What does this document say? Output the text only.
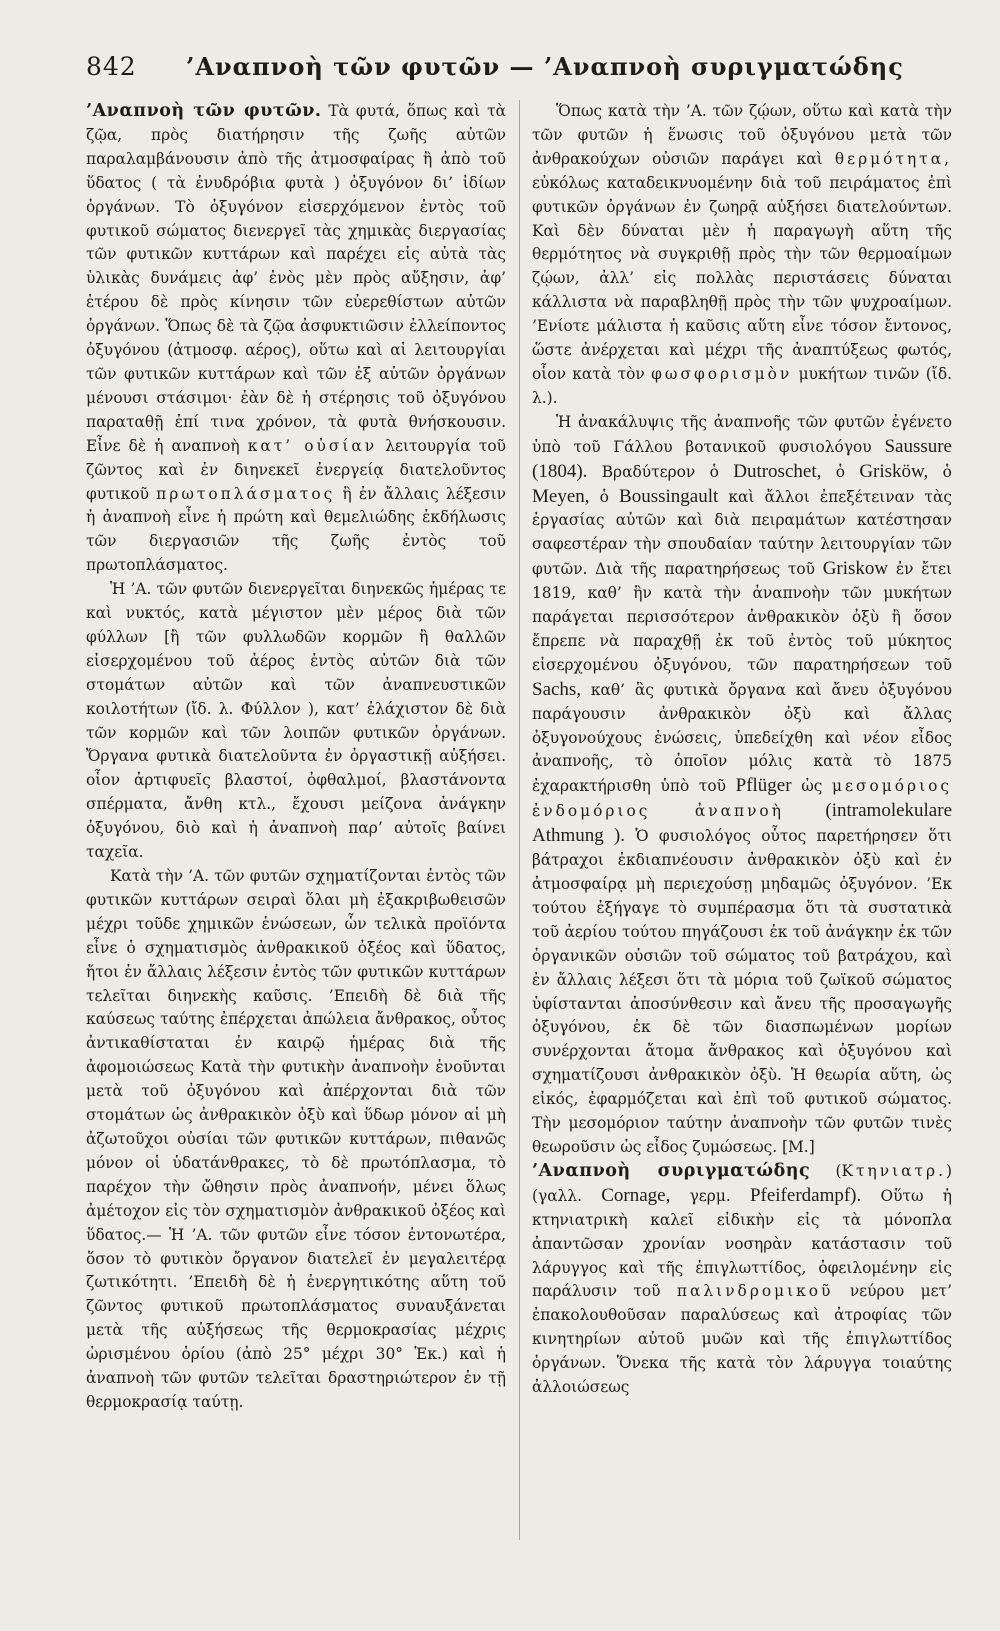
842 ’Αναπνοὴ τῶν φυτῶν — ’Αναπνοὴ συριγματώδης

’Αναπνοὴ τῶν φυτῶν. Τὰ φυτά, ὅπως καὶ τὰ ζῷα, πρὸς διατήρησιν τῆς ζωῆς αὐτῶν παραλαμβάνουσιν ἀπὸ τῆς ἀτμοσφαίρας ἢ ἀπὸ τοῦ ὕδατος ( τὰ ἐνυδρόβια φυτὰ ) ὀξυγόνον δι’ ἰδίων ὀργάνων. Τὸ ὀξυγόνον εἰσερχόμενον ἐντὸς τοῦ φυτικοῦ σώματος διενεργεῖ τὰς χημικὰς διεργασίας τῶν φυτικῶν κυττάρων καὶ παρέχει εἰς αὐτὰ τὰς ὑλικὰς δυνάμεις ἀφ’ ἑνὸς μὲν πρὸς αὔξησιν, ἀφ’ ἑτέρου δὲ πρὸς κίνησιν τῶν εὐερεθίστων αὐτῶν ὀργάνων. Ὅπως δὲ τὰ ζῷα ἀσφυκτιῶσιν ἐλλείποντος ὀξυγόνου (ἀτμοσφ. αέρος), οὕτω καὶ αἱ λειτουργίαι τῶν φυτικῶν κυττάρων καὶ τῶν ἐξ αὐτῶν ὀργάνων μένουσι στάσιμοι· ἐὰν δὲ ἡ στέρησις τοῦ ὀξυγόνου παραταθῇ ἐπί τινα χρόνον, τὰ φυτὰ θνήσκουσιν. Εἶνε δὲ ἡ αναπνοὴ κατ’ οὐσίαν λειτουργία τοῦ ζῶντος καὶ ἐν διηνεκεῖ ἐνεργείᾳ διατελοῦντος φυτικοῦ πρωτοπλάσματος ἢ ἐν ἄλλαις λέξεσιν ἡ ἀναπνοὴ εἶνε ἡ πρώτη καὶ θεμελιώδης ἐκδήλωσις τῶν διεργασιῶν τῆς ζωῆς ἐντὸς τοῦ πρωτοπλάσματος.

Ἡ ’Α. τῶν φυτῶν διενεργεῖται διηνεκῶς ἡμέρας τε καὶ νυκτός, κατὰ μέγιστον μὲν μέρος διὰ τῶν φύλλων [ἢ τῶν φυλλωδῶν κορμῶν ἢ θαλλῶν εἰσερχομένου τοῦ ἀέρος ἐντὸς αὐτῶν διὰ τῶν στομάτων αὐτῶν καὶ τῶν ἀναπνευστικῶν κοιλοτήτων (ἴδ. λ. Φύλλον ), κατ’ ἐλάχιστον δὲ διὰ τῶν κορμῶν καὶ τῶν λοιπῶν φυτικῶν ὀργάνων. Ὄργανα φυτικὰ διατελοῦντα ἐν ὀργαστικῇ αὐξήσει. οἷον ἀρτιφυεῖς βλαστοί, ὀφθαλμοί, βλαστάνοντα σπέρματα, ἄνθη κτλ., ἔχουσι μείζονα ἀνάγκην ὀξυγόνου, διὸ καὶ ἡ ἀναπνοὴ παρ’ αὐτοῖς βαίνει ταχεῖα.

Κατὰ τὴν ’Α. τῶν φυτῶν σχηματίζονται ἐντὸς τῶν φυτικῶν κυττάρων σειραὶ ὅλαι μὴ ἐξακριβωθεισῶν μέχρι τοῦδε χημικῶν ἑνώσεων, ὧν τελικὰ προϊόντα εἶνε ὁ σχηματισμὸς ἀνθρακικοῦ ὀξέος καὶ ὕδατος, ἤτοι ἐν ἄλλαις λέξεσιν ἐντὸς τῶν φυτικῶν κυττάρων τελεῖται διηνεκὴς καῦσις. ’Επειδὴ δὲ διὰ τῆς καύσεως ταύτης ἐπέρχεται ἀπώλεια ἄνθρακος, οὗτος ἀντικαθίσταται ἐν καιρῷ ἡμέρας διὰ τῆς ἀφομοιώσεως Κατὰ τὴν φυτικὴν ἀναπνοὴν ἑνοῦνται μετὰ τοῦ ὀξυγόνου καὶ ἀπέρχονται διὰ τῶν στομάτων ὡς ἀνθρακικὸν ὀξὺ καὶ ὕδωρ μόνον αἱ μὴ ἀζωτοῦχοι οὐσίαι τῶν φυτικῶν κυττάρων, πιθανῶς μόνον οἱ ὑδατάνθρακες, τὸ δὲ πρωτόπλασμα, τὸ παρέχον τὴν ὤθησιν πρὸς ἀναπνοήν, μένει ὅλως ἀμέτοχον εἰς τὸν σχηματισμὸν ἀνθρακικοῦ ὀξέος καὶ ὕδατος.— Ἡ ’Α. τῶν φυτῶν εἶνε τόσον ἐντονωτέρα, ὅσον τὸ φυτικὸν ὄργανον διατελεῖ ἐν μεγαλειτέρᾳ ζωτικότητι. ’Επειδὴ δὲ ἡ ἐνεργητικότης αὕτη τοῦ ζῶντος φυτικοῦ πρωτοπλάσματος συναυξάνεται μετὰ τῆς αὐξήσεως τῆς θερμοκρασίας μέχρις ὡρισμένου ὁρίου (ἀπὸ 25° μέχρι 30° Ἑκ.) καὶ ἡ ἀναπνοὴ τῶν φυτῶν τελεῖται δραστηριώτερον ἐν τῇ θερμοκρασίᾳ ταύτῃ.

Ὅπως κατὰ τὴν ’Α. τῶν ζῴων, οὕτω καὶ κατὰ τὴν τῶν φυτῶν ἡ ἕνωσις τοῦ ὀξυγόνου μετὰ τῶν ἀνθρακούχων οὐσιῶν παράγει καὶ θερμότητα, εὐκόλως καταδεικνυομένην διὰ τοῦ πειράματος ἐπὶ φυτικῶν ὀργάνων ἐν ζωηρᾷ αὐξήσει διατελούντων. Καὶ δὲν δύναται μὲν ἡ παραγωγὴ αὕτη τῆς θερμότητος νὰ συγκριθῇ πρὸς τὴν τῶν θερμοαίμων ζῴων, ἀλλ’ εἰς πολλὰς περιστάσεις δύναται κάλλιστα νὰ παραβληθῇ πρὸς τὴν τῶν ψυχροαίμων. ’Ενίοτε μάλιστα ἡ καῦσις αὕτη εἶνε τόσον ἔντονος, ὥστε ἀνέρχεται καὶ μέχρι τῆς ἀναπτύξεως φωτός, οἷον κατὰ τὸν φωσφορισμὸν μυκήτων τινῶν (ἴδ. λ.).

Ἡ ἀνακάλυψις τῆς ἀναπνοῆς τῶν φυτῶν ἐγένετο ὑπὸ τοῦ Γάλλου βοτανικοῦ φυσιολόγου Saussure (1804). Βραδύτερον ὁ Dutroschet, ὁ Grisköw, ὁ Meyen, ὁ Boussingault καὶ ἄλλοι ἐπεξέτειναν τὰς ἐργασίας αὐτῶν καὶ διὰ πειραμάτων κατέστησαν σαφεστέραν τὴν σπουδαίαν ταύτην λειτουργίαν τῶν φυτῶν. Διὰ τῆς παρατηρήσεως τοῦ Griskow ἐν ἔτει 1819, καθ’ ἣν κατὰ τὴν ἀναπνοὴν τῶν μυκήτων παράγεται περισσότερον ἀνθρακικὸν ὀξὺ ἢ ὅσον ἔπρεπε νὰ παραχθῇ ἐκ τοῦ ἐντὸς τοῦ μύκητος εἰσερχομένου ὀξυγόνου, τῶν παρατηρήσεων τοῦ Sachs, καθ’ ἃς φυτικὰ ὄργανα καὶ ἄνευ ὀξυγόνου παράγουσιν ἀνθρακικὸν ὀξὺ καὶ ἄλλας ὀξυγονούχους ἑνώσεις, ὑπεδείχθη καὶ νέον εἶδος ἀναπνοῆς, τὸ ὁποῖον μόλις κατὰ τὸ 1875 ἐχαρακτήρισθη ὑπὸ τοῦ Pflüger ὡς μεσομόριος ἐνδομόριος ἀναπνοὴ (intramolekulare Athmung ). Ὁ φυσιολόγος οὗτος παρετήρησεν ὅτι βάτραχοι ἐκδιαπνέουσιν ἀνθρακικὸν ὀξὺ καὶ ἐν ἀτμοσφαίρᾳ μὴ περιεχούσῃ μηδαμῶς ὀξυγόνον. ’Εκ τούτου ἐξήγαγε τὸ συμπέρασμα ὅτι τὰ συστατικὰ τοῦ ἀερίου τούτου πηγάζουσι ἐκ τοῦ ἀνάγκην ἐκ τῶν ὀργανικῶν οὐσιῶν τοῦ σώματος τοῦ βατράχου, καὶ ἐν ἄλλαις λέξεσι ὅτι τὰ μόρια τοῦ ζωϊκοῦ σώματος ὑφίστανται ἀποσύνθεσιν καὶ ἄνευ τῆς προσαγωγῆς ὀξυγόνου, ἐκ δὲ τῶν διασπωμένων μορίων συνέρχονται ἄτομα ἄνθρακος καὶ ὀξυγόνου καὶ σχηματίζουσι ἀνθρακικὸν ὀξὺ. Ἡ θεωρία αὕτη, ὡς εἰκός, ἐφαρμόζεται καὶ ἐπὶ τοῦ φυτικοῦ σώματος. Τὴν μεσομόριον ταύτην ἀναπνοὴν τῶν φυτῶν τινὲς θεωροῦσιν ὡς εἶδος ζυμώσεως. [Μ.]

’Αναπνοὴ συριγματώδης (Κτηνιατρ.) (γαλλ. Cornage, γερμ. Pfeiferdampf). Οὕτω ἡ κτηνιατρικὴ καλεῖ εἰδικὴν εἰς τὰ μόνοπλα ἀπαντῶσαν χρονίαν νοσηρὰν κατάστασιν τοῦ λάρυγγος καὶ τῆς ἐπιγλωττίδος, ὀφειλομένην εἰς παράλυσιν τοῦ παλινδρομικοῦ νεύρου μετ’ ἐπακολουθοῦσαν παραλύσεως καὶ ἀτροφίας τῶν κινητηρίων αὐτοῦ μυῶν καὶ τῆς ἐπιγλωττίδος ὀργάνων. Ὅνεκα τῆς κατὰ τὸν λάρυγγα τοιαύτης ἀλλοιώσεως
